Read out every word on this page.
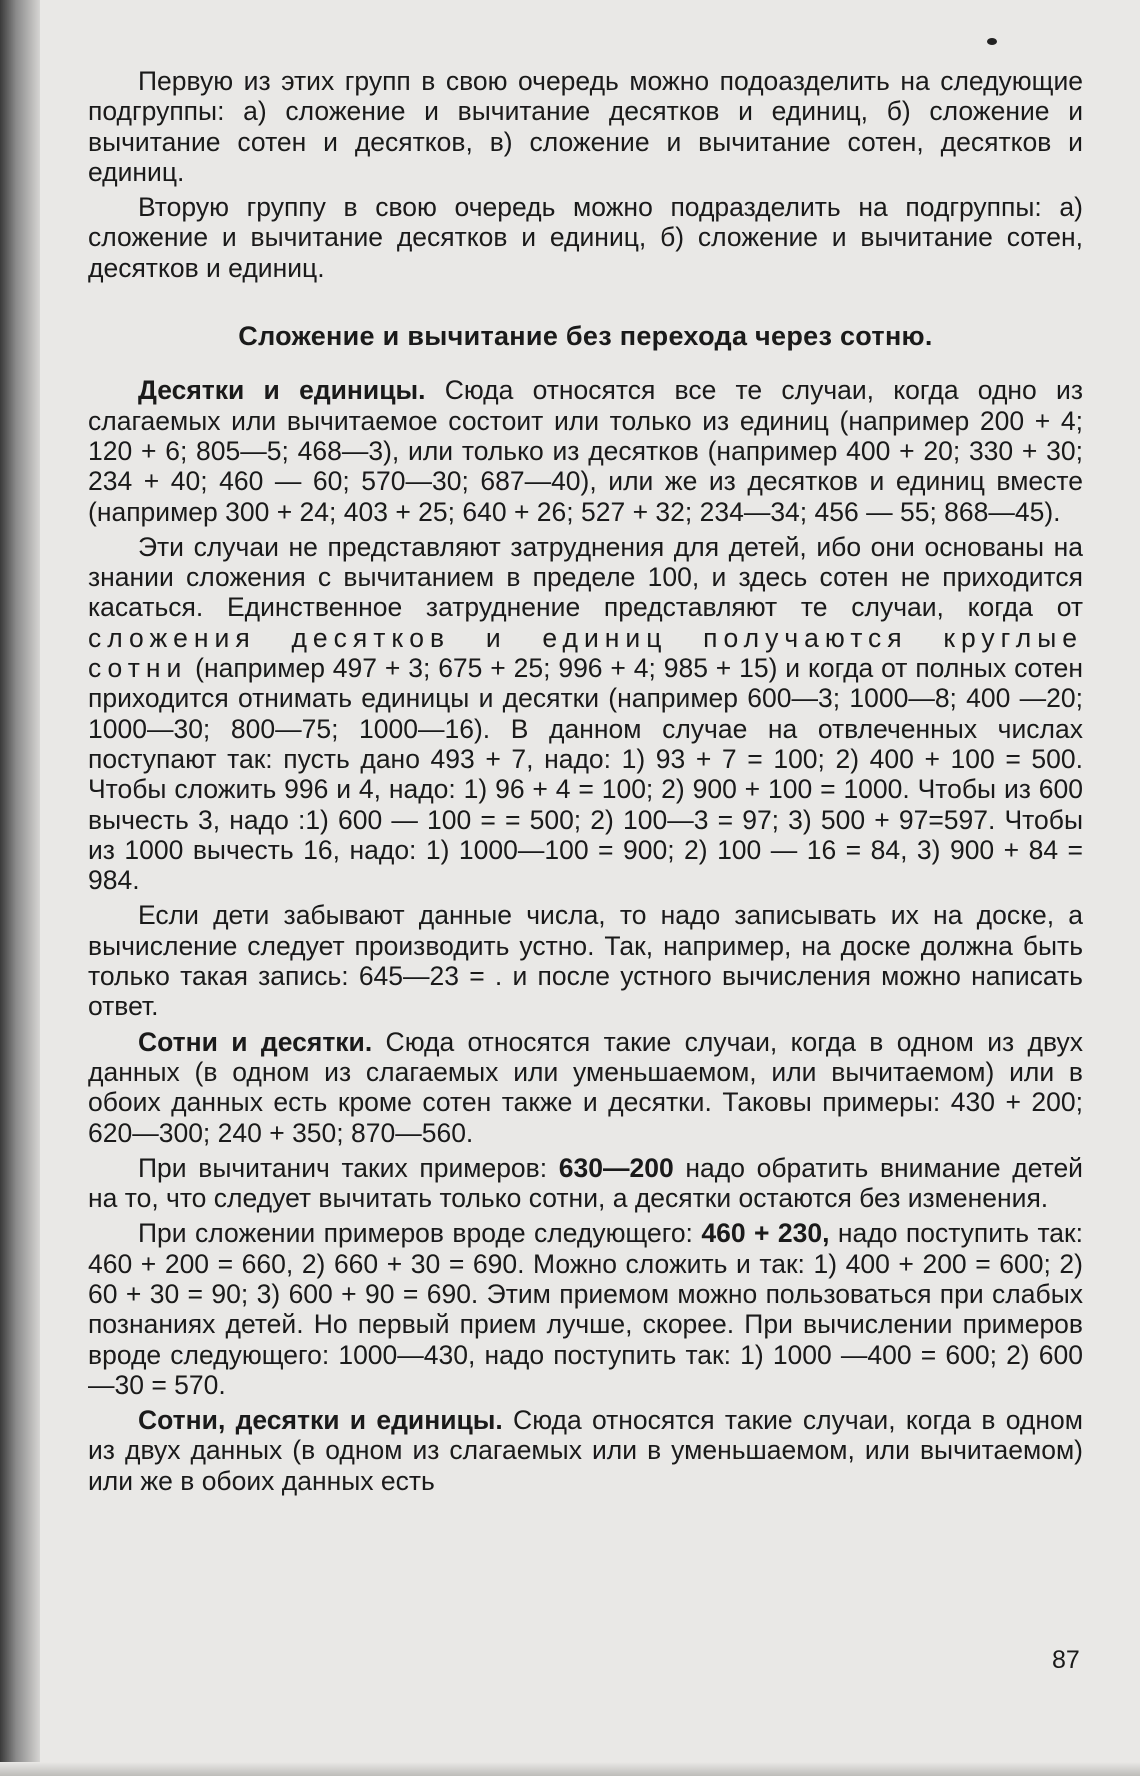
Первую из этих групп в свою очередь можно подоазделить на следующие подгруппы: а) сложение и вычитание десятков и единиц, б) сложение и вычитание сотен и десятков, в) сложение и вычитание сотен, десятков и единиц.

Вторую группу в свою очередь можно подразделить на подгруппы: а) сложение и вычитание десятков и единиц, б) сложение и вычитание сотен, десятков и единиц.

Сложение и вычитание без перехода через сотню.

Десятки и единицы. Сюда относятся все те случаи, когда одно из слагаемых или вычитаемое состоит или только из единиц (например 200 + 4; 120 + 6; 805—5; 468—3), или только из десятков (например 400 + 20; 330 + 30; 234 + 40; 460 — 60; 570—30; 687—40), или же из десятков и единиц вместе (например 300 + 24; 403 + 25; 640 + 26; 527 + 32; 234—34; 456 — 55; 868—45).

Эти случаи не представляют затруднения для детей, ибо они основаны на знании сложения с вычитанием в пределе 100, и здесь сотен не приходится касаться. Единственное затруднение представляют те случаи, когда от сложения десятков и единиц получаются круглые сотни (например 497 + 3; 675 + 25; 996 + 4; 985 + 15) и когда от полных сотен приходится отнимать единицы и десятки (например 600—3; 1000—8; 400 —20; 1000—30; 800—75; 1000—16). В данном случае на отвлеченных числах поступают так: пусть дано 493 + 7, надо: 1) 93 + 7 = 100; 2) 400 + 100 = 500. Чтобы сложить 996 и 4, надо: 1) 96 + 4 = 100; 2) 900 + 100 = 1000. Чтобы из 600 вычесть 3, надо :1) 600 — 100 = = 500; 2) 100—3 = 97; 3) 500 + 97=597. Чтобы из 1000 вычесть 16, надо: 1) 1000—100 = 900; 2) 100 — 16 = 84, 3) 900 + 84 = 984.

Если дети забывают данные числа, то надо записывать их на доске, а вычисление следует производить устно. Так, например, на доске должна быть только такая запись: 645—23 = . и после устного вычисления можно написать ответ.

Сотни и десятки. Сюда относятся такие случаи, когда в одном из двух данных (в одном из слагаемых или уменьшаемом, или вычитаемом) или в обоих данных есть кроме сотен также и десятки. Таковы примеры: 430 + 200; 620—300; 240 + 350; 870—560.

При вычитанич таких примеров: 630—200 надо обратить внимание детей на то, что следует вычитать только сотни, а десятки остаются без изменения.

При сложении примеров вроде следующего: 460 + 230, надо поступить так: 460 + 200 = 660, 2) 660 + 30 = 690. Можно сложить и так: 1) 400 + 200 = 600; 2) 60 + 30 = 90; 3) 600 + 90 = 690. Этим приемом можно пользоваться при слабых познаниях детей. Но первый прием лучше, скорее. При вычислении примеров вроде следующего: 1000—430, надо поступить так: 1) 1000 —400 = 600; 2) 600—30 = 570.

Сотни, десятки и единицы. Сюда относятся такие случаи, когда в одном из двух данных (в одном из слагаемых или в уменьшаемом, или вычитаемом) или же в обоих данных есть

87
